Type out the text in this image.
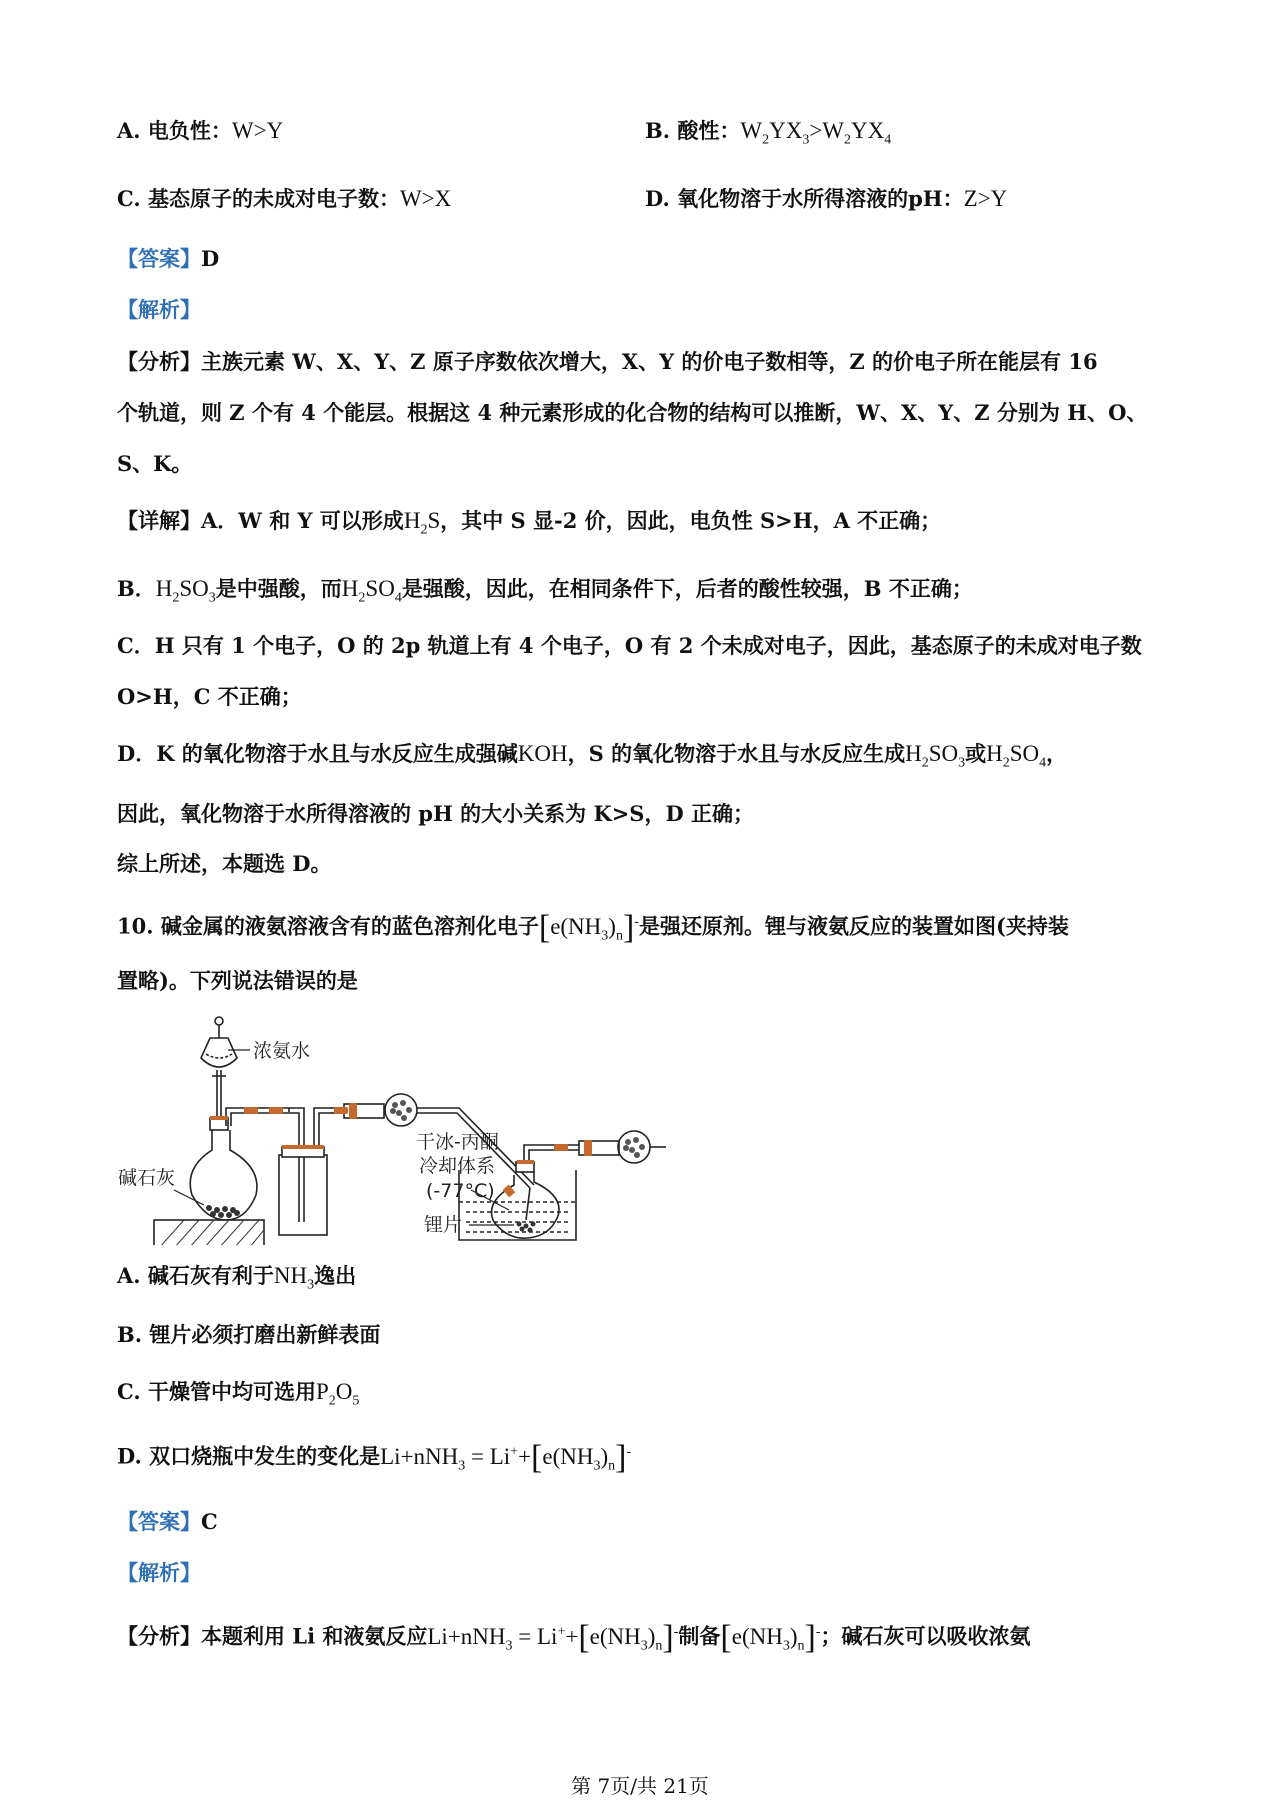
A. 电负性：W>Y	B. 酸性：$W_2YX_3>W_2YX_4$
C. 基态原子的未成对电子数：W>X	D. 氧化物溶于水所得溶液的pH：Z>Y
【答案】D
【解析】
【分析】主族元素 W、X、Y、Z 原子序数依次增大，X、Y 的价电子数相等，Z 的价电子所在能层有 16
个轨道，则 Z 个有 4 个能层。根据这 4 种元素形成的化合物的结构可以推断，W、X、Y、Z 分别为 H、O、
S、K。
【详解】A．W 和 Y 可以形成$H_2S$，其中 S 显-2 价，因此，电负性 S>H，A 不正确；
B．$H_2SO_3$是中强酸，而$H_2SO_4$是强酸，因此，在相同条件下，后者的酸性较强，B 不正确；
C．H 只有 1 个电子，O 的 2p 轨道上有 4 个电子，O 有 2 个未成对电子，因此，基态原子的未成对电子数
O>H，C 不正确；
D．K 的氧化物溶于水且与水反应生成强碱KOH，S 的氧化物溶于水且与水反应生成$H_2SO_3$或$H_2SO_4$，
因此，氧化物溶于水所得溶液的 pH 的大小关系为 K>S，D 正确；
综上所述，本题选 D。
10. 碱金属的液氨溶液含有的蓝色溶剂化电子$[e(NH_3)_n]^-$是强还原剂。锂与液氨反应的装置如图(夹持装
置略)。下列说法错误的是
浓氨水
碱石灰
干冰-丙酮
冷却体系
(-77°C)
锂片
A. 碱石灰有利于$NH_3$逸出
B. 锂片必须打磨出新鲜表面
C. 干燥管中均可选用$P_2O_5$
D. 双口烧瓶中发生的变化是$Li+nNH_3 = Li^++[e(NH_3)_n]^-$
【答案】C
【解析】
【分析】本题利用 Li 和液氨反应$Li+nNH_3 = Li^++[e(NH_3)_n]^-$制备$[e(NH_3)_n]^-$；碱石灰可以吸收浓氨
第 7页/共 21页
